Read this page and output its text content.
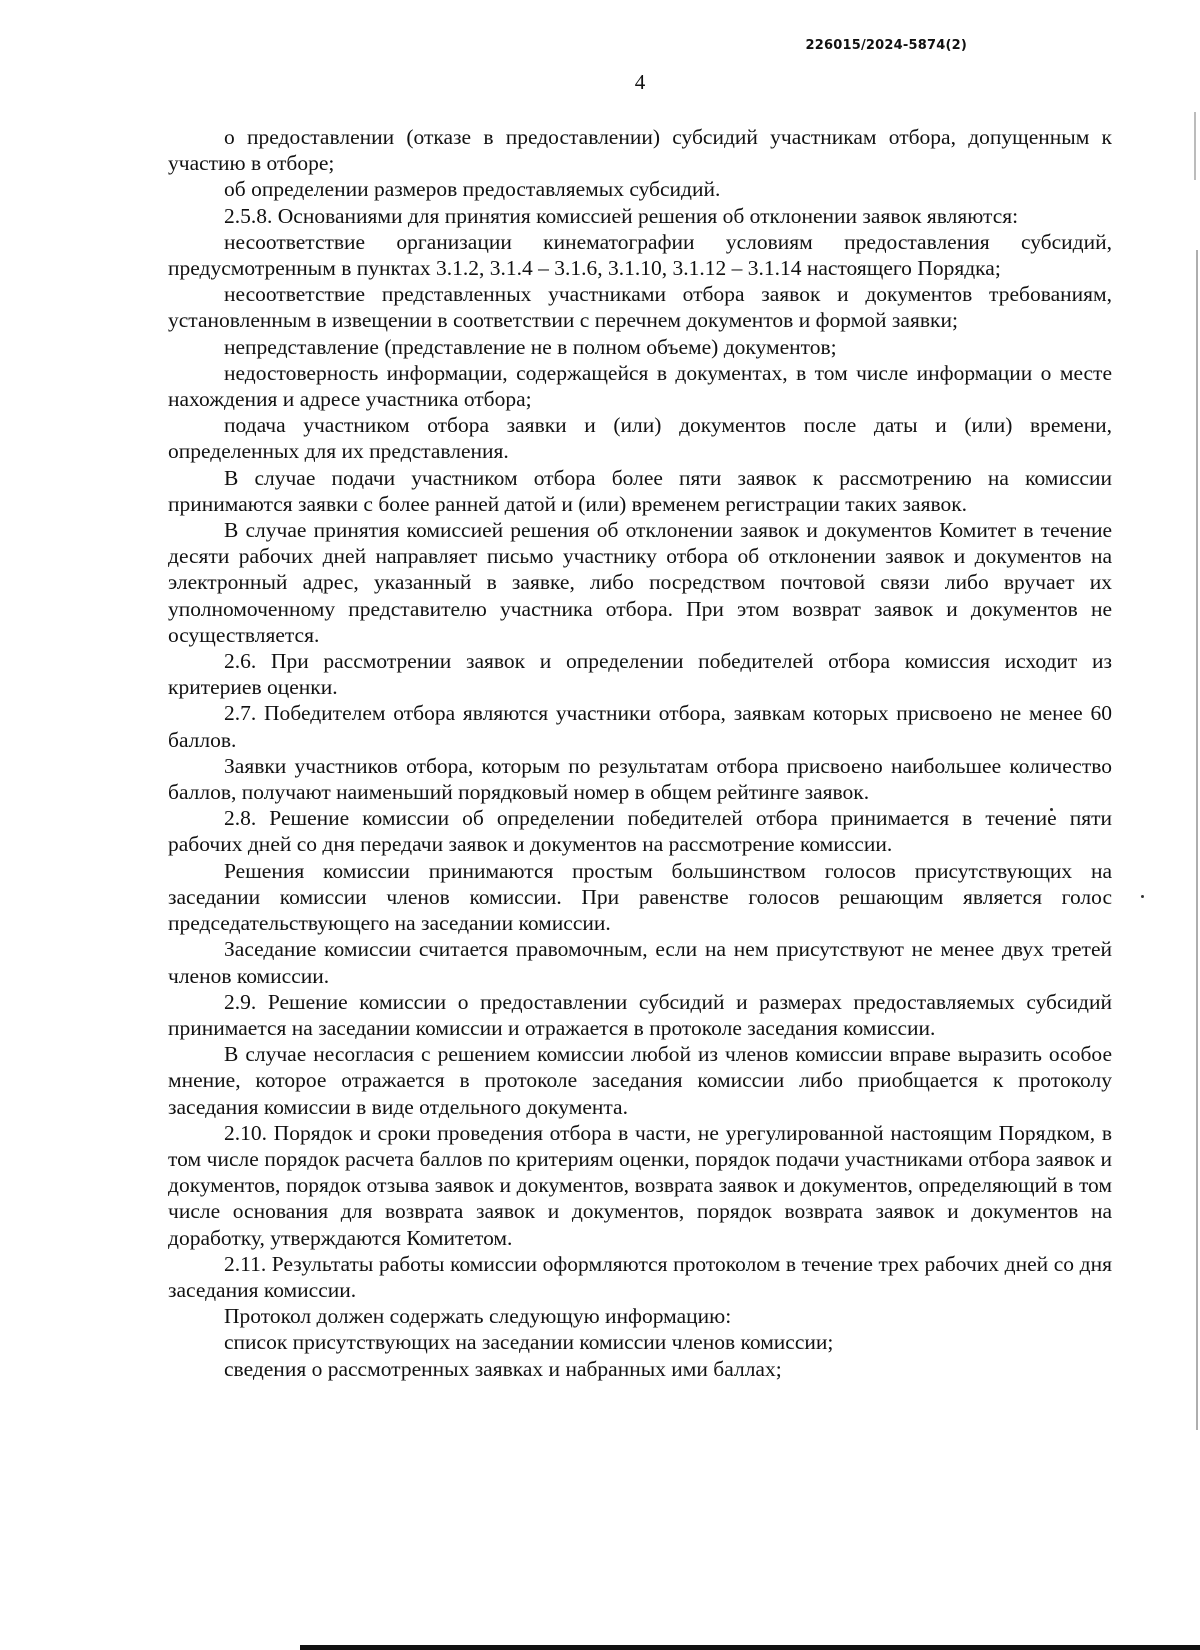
226015/2024-5874(2)
4

о предоставлении (отказе в предоставлении) субсидий участникам отбора, допущенным к участию в отборе;

об определении размеров предоставляемых субсидий.

2.5.8. Основаниями для принятия комиссией решения об отклонении заявок являются:

несоответствие организации кинематографии условиям предоставления субсидий, предусмотренным в пунктах 3.1.2, 3.1.4 – 3.1.6, 3.1.10, 3.1.12 – 3.1.14 настоящего Порядка;

несоответствие представленных участниками отбора заявок и документов требованиям, установленным в извещении в соответствии с перечнем документов и формой заявки;

непредставление (представление не в полном объеме) документов;

недостоверность информации, содержащейся в документах, в том числе информации о месте нахождения и адресе участника отбора;

подача участником отбора заявки и (или) документов после даты и (или) времени, определенных для их представления.

В случае подачи участником отбора более пяти заявок к рассмотрению на комиссии принимаются заявки с более ранней датой и (или) временем регистрации таких заявок.

В случае принятия комиссией решения об отклонении заявок и документов Комитет в течение десяти рабочих дней направляет письмо участнику отбора об отклонении заявок и документов на электронный адрес, указанный в заявке, либо посредством почтовой связи либо вручает их уполномоченному представителю участника отбора. При этом возврат заявок и документов не осуществляется.

2.6. При рассмотрении заявок и определении победителей отбора комиссия исходит из критериев оценки.

2.7. Победителем отбора являются участники отбора, заявкам которых присвоено не менее 60 баллов.

Заявки участников отбора, которым по результатам отбора присвоено наибольшее количество баллов, получают наименьший порядковый номер в общем рейтинге заявок.

2.8. Решение комиссии об определении победителей отбора принимается в течение пяти рабочих дней со дня передачи заявок и документов на рассмотрение комиссии.

Решения комиссии принимаются простым большинством голосов присутствующих на заседании комиссии членов комиссии. При равенстве голосов решающим является голос председательствующего на заседании комиссии.

Заседание комиссии считается правомочным, если на нем присутствуют не менее двух третей членов комиссии.

2.9. Решение комиссии о предоставлении субсидий и размерах предоставляемых субсидий принимается на заседании комиссии и отражается в протоколе заседания комиссии.

В случае несогласия с решением комиссии любой из членов комиссии вправе выразить особое мнение, которое отражается в протоколе заседания комиссии либо приобщается к протоколу заседания комиссии в виде отдельного документа.

2.10. Порядок и сроки проведения отбора в части, не урегулированной настоящим Порядком, в том числе порядок расчета баллов по критериям оценки, порядок подачи участниками отбора заявок и документов, порядок отзыва заявок и документов, возврата заявок и документов, определяющий в том числе основания для возврата заявок и документов, порядок возврата заявок и документов на доработку, утверждаются Комитетом.

2.11. Результаты работы комиссии оформляются протоколом в течение трех рабочих дней со дня заседания комиссии.

Протокол должен содержать следующую информацию:

список присутствующих на заседании комиссии членов комиссии;

сведения о рассмотренных заявках и набранных ими баллах;
